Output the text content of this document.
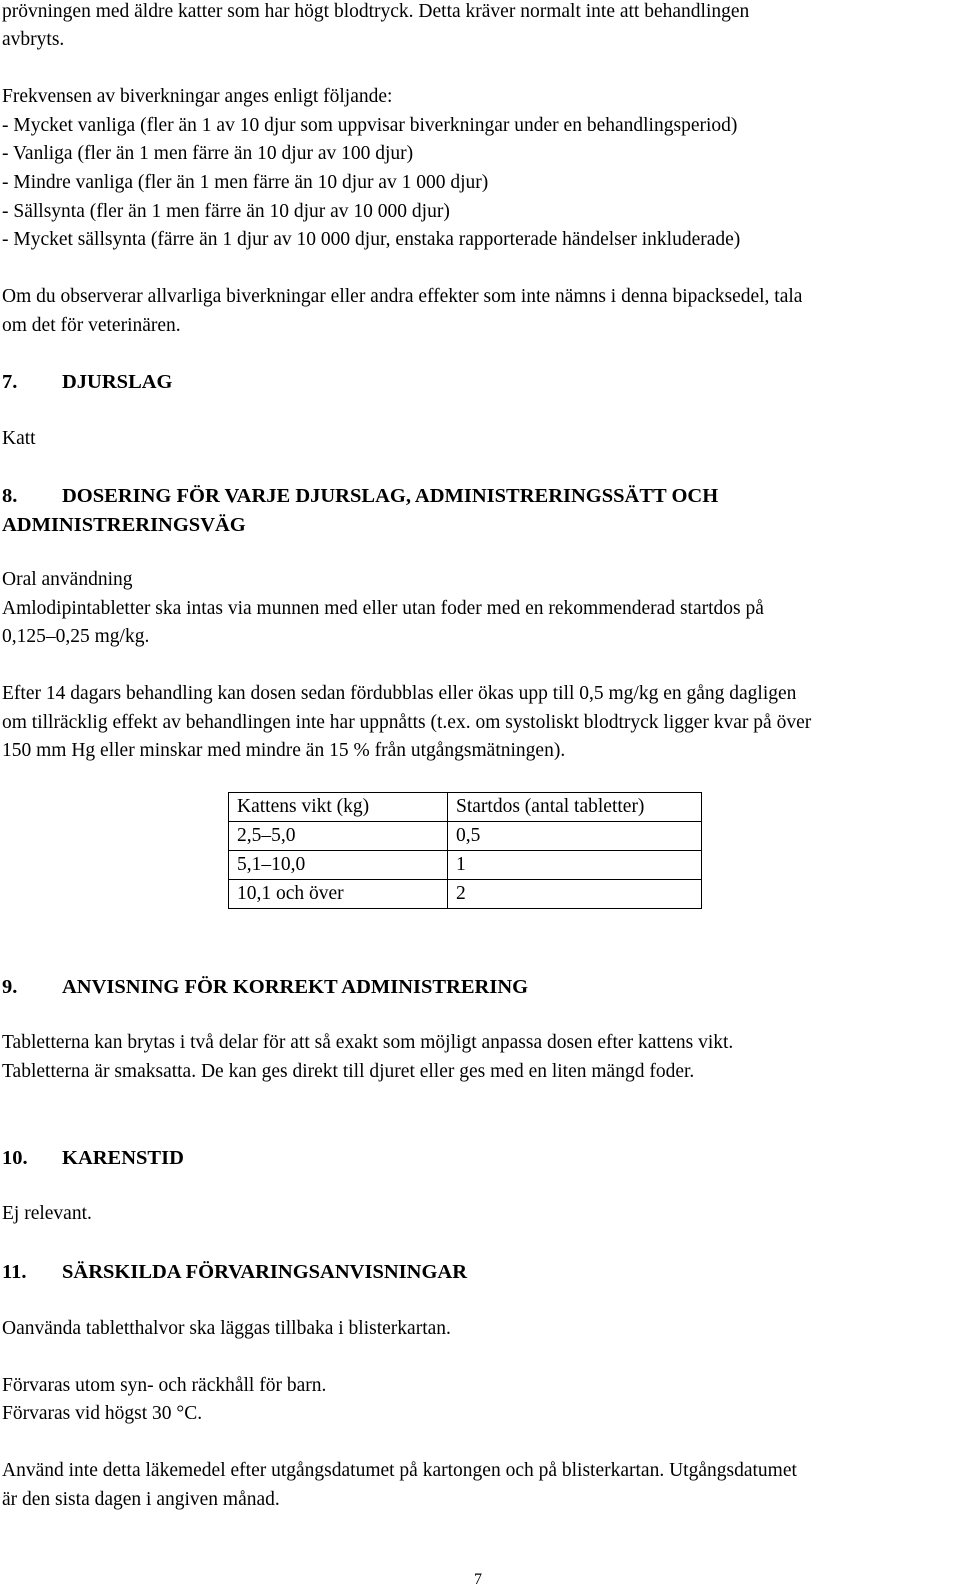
prövningen med äldre katter som har högt blodtryck. Detta kräver normalt inte att behandlingen
avbryts.
Frekvensen av biverkningar anges enligt följande:
- Mycket vanliga (fler än 1 av 10 djur som uppvisar biverkningar under en behandlingsperiod)
- Vanliga (fler än 1 men färre än 10 djur av 100 djur)
- Mindre vanliga (fler än 1 men färre än 10 djur av 1 000 djur)
- Sällsynta (fler än 1 men färre än 10 djur av 10 000 djur)
- Mycket sällsynta (färre än 1 djur av 10 000 djur, enstaka rapporterade händelser inkluderade)
Om du observerar allvarliga biverkningar eller andra effekter som inte nämns i denna bipacksedel, tala
om det för veterinären.
7. DJURSLAG
Katt
8. DOSERING FÖR VARJE DJURSLAG, ADMINISTRERINGSSÄTT OCH
ADMINISTRERINGSVÄG
Oral användning
Amlodipintabletter ska intas via munnen med eller utan foder med en rekommenderad startdos på
0,125–0,25 mg/kg.
Efter 14 dagars behandling kan dosen sedan fördubblas eller ökas upp till 0,5 mg/kg en gång dagligen
om tillräcklig effekt av behandlingen inte har uppnåtts (t.ex. om systoliskt blodtryck ligger kvar på över
150 mm Hg eller minskar med mindre än 15 % från utgångsmätningen).
Kattens vikt (kg)	Startdos (antal tabletter)
2,5–5,0	0,5
5,1–10,0	1
10,1 och över	2
9. ANVISNING FÖR KORREKT ADMINISTRERING
Tabletterna kan brytas i två delar för att så exakt som möjligt anpassa dosen efter kattens vikt.
Tabletterna är smaksatta. De kan ges direkt till djuret eller ges med en liten mängd foder.
10. KARENSTID
Ej relevant.
11. SÄRSKILDA FÖRVARINGSANVISNINGAR
Oanvända tabletthalvor ska läggas tillbaka i blisterkartan.
Förvaras utom syn- och räckhåll för barn.
Förvaras vid högst 30 °C.
Använd inte detta läkemedel efter utgångsdatumet på kartongen och på blisterkartan. Utgångsdatumet
är den sista dagen i angiven månad.
7
